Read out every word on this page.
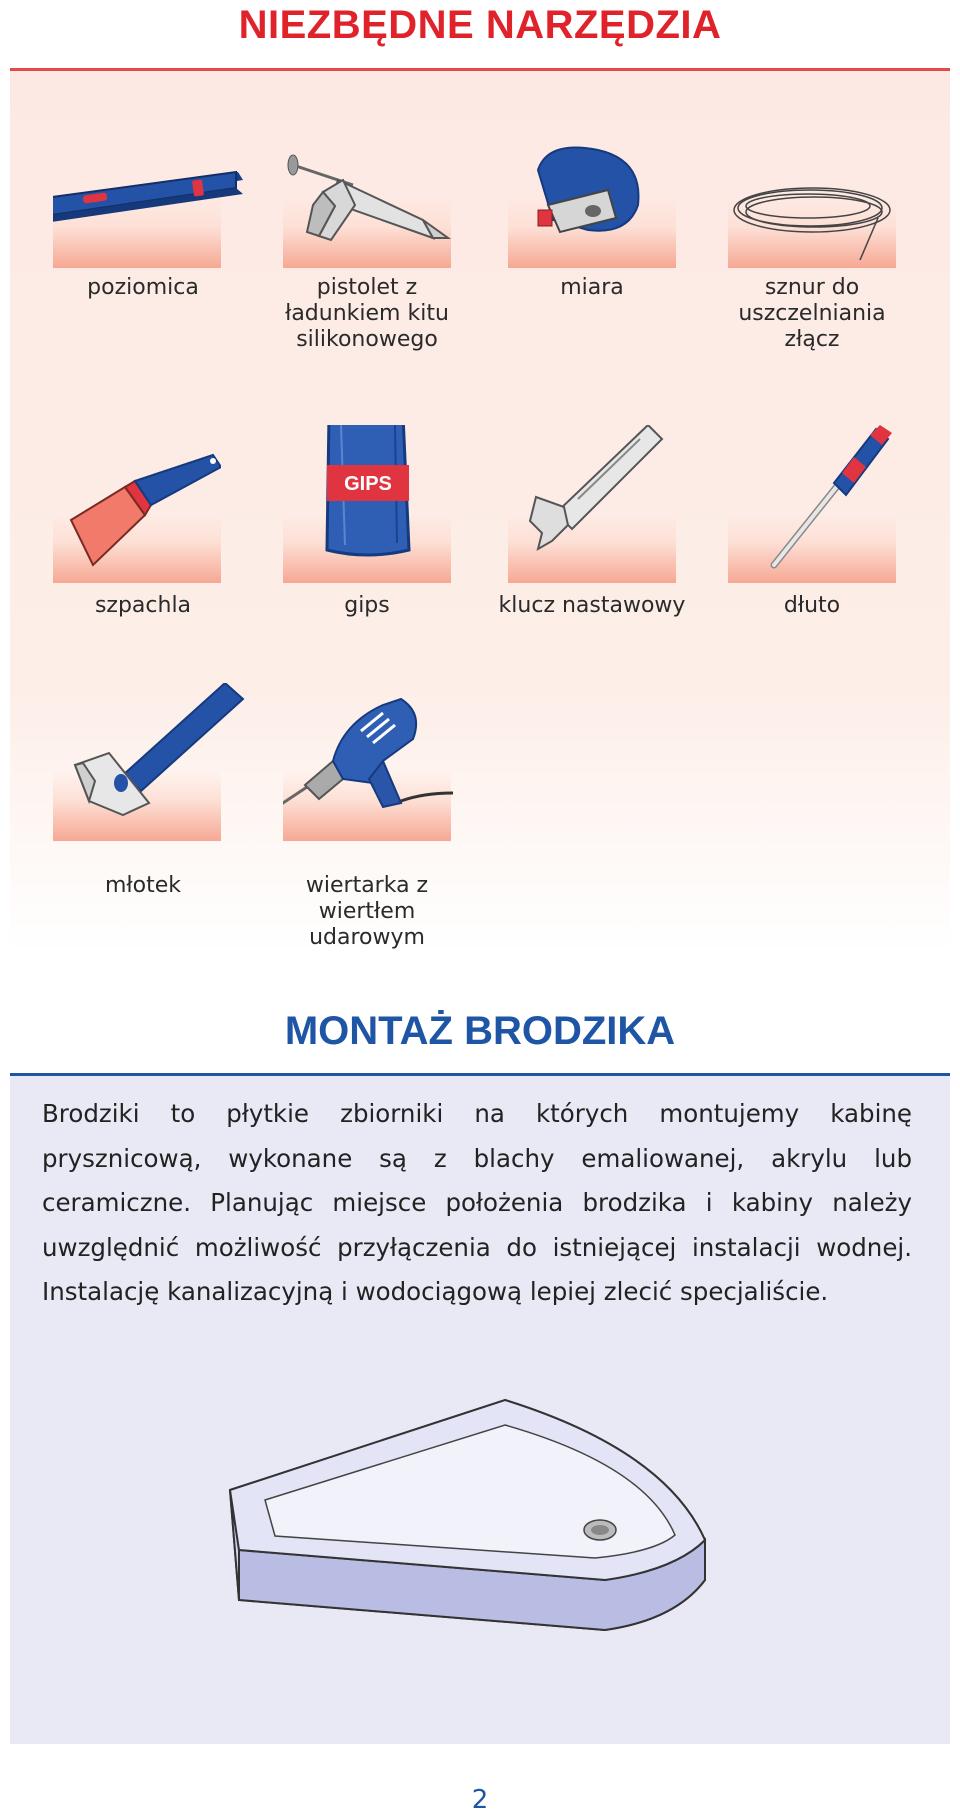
NIEZBĘDNE NARZĘDZIA
poziomica	pistolet z ładunkiem kitu silikonowego
miara	sznur do uszczelniania złącz
GIPS
szpachla	gips	klucz nastawowy	dłuto
młotek	wiertarka z wiertłem udarowym
MONTAŻ BRODZIKA

Brodziki to płytkie zbiorniki na których montujemy kabinę prysznicową, wykonane są z blachy emaliowanej, akrylu lub ceramiczne. Planując miejsce położenia brodzika i kabiny należy uwzględnić możliwość przyłączenia do istniejącej instalacji wodnej. Instalację kanalizacyjną i wodociągową lepiej zlecić specjaliście.

2
